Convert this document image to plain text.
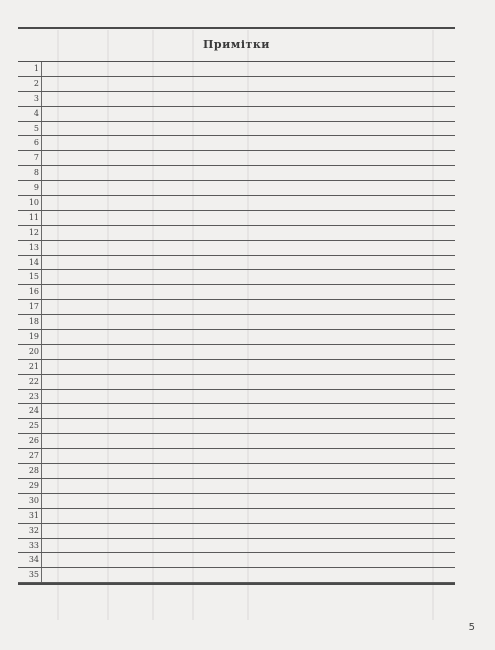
Примітки
1
2
3
4
5
6
7
8
9
10
11
12
13
14
15
16
17
18
19
20
21
22
23
24
25
26
27
28
29
30
31
32
33
34
35
5
